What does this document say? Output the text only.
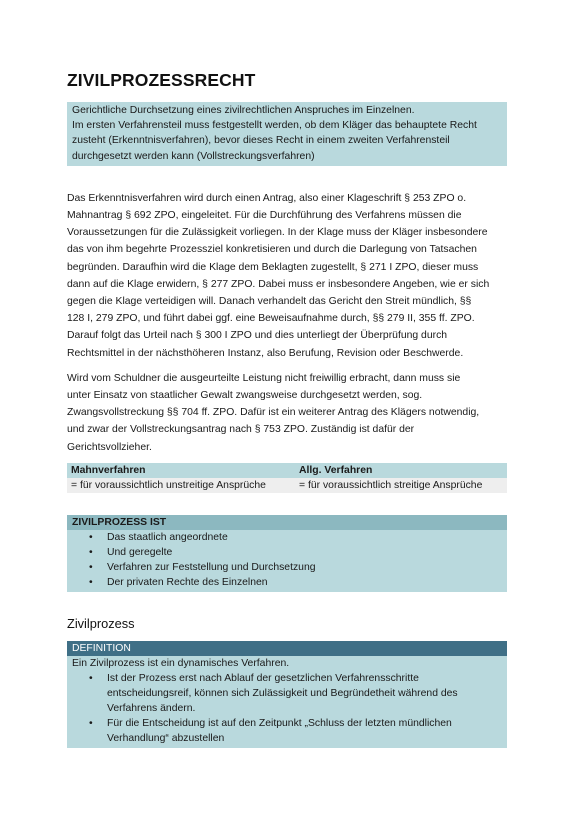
ZIVILPROZESSRECHT
Gerichtliche Durchsetzung eines zivilrechtlichen Anspruches im Einzelnen.
Im ersten Verfahrensteil muss festgestellt werden, ob dem Kläger das behauptete Recht
zusteht (Erkenntnisverfahren), bevor dieses Recht in einem zweiten Verfahrensteil
durchgesetzt werden kann (Vollstreckungsverfahren)
Das Erkenntnisverfahren wird durch einen Antrag, also einer Klageschrift § 253 ZPO o.
Mahnantrag § 692 ZPO, eingeleitet. Für die Durchführung des Verfahrens müssen die
Voraussetzungen für die Zulässigkeit vorliegen. In der Klage muss der Kläger insbesondere
das von ihm begehrte Prozessziel konkretisieren und durch die Darlegung von Tatsachen
begründen. Daraufhin wird die Klage dem Beklagten zugestellt, § 271 I ZPO, dieser muss
dann auf die Klage erwidern, § 277 ZPO. Dabei muss er insbesondere Angeben, wie er sich
gegen die Klage verteidigen will. Danach verhandelt das Gericht den Streit mündlich, §§
128 I, 279 ZPO, und führt dabei ggf. eine Beweisaufnahme durch, §§ 279 II, 355 ff. ZPO.
Darauf folgt das Urteil nach § 300 I ZPO und dies unterliegt der Überprüfung durch
Rechtsmittel in der nächsthöheren Instanz, also Berufung, Revision oder Beschwerde.
Wird vom Schuldner die ausgeurteilte Leistung nicht freiwillig erbracht, dann muss sie
unter Einsatz von staatlicher Gewalt zwangsweise durchgesetzt werden, sog.
Zwangsvollstreckung §§ 704 ff. ZPO. Dafür ist ein weiterer Antrag des Klägers notwendig,
und zwar der Vollstreckungsantrag nach § 753 ZPO. Zuständig ist dafür der
Gerichtsvollzieher.
Mahnverfahren	Allg. Verfahren
= für voraussichtlich unstreitige Ansprüche	= für voraussichtlich streitige Ansprüche
ZIVILPROZESS IST
• Das staatlich angeordnete
• Und geregelte
• Verfahren zur Feststellung und Durchsetzung
• Der privaten Rechte des Einzelnen
Zivilprozess
DEFINITION
Ein Zivilprozess ist ein dynamisches Verfahren.
• Ist der Prozess erst nach Ablauf der gesetzlichen Verfahrensschritte
entscheidungsreif, können sich Zulässigkeit und Begründetheit während des
Verfahrens ändern.
• Für die Entscheidung ist auf den Zeitpunkt „Schluss der letzten mündlichen
Verhandlung“ abzustellen
